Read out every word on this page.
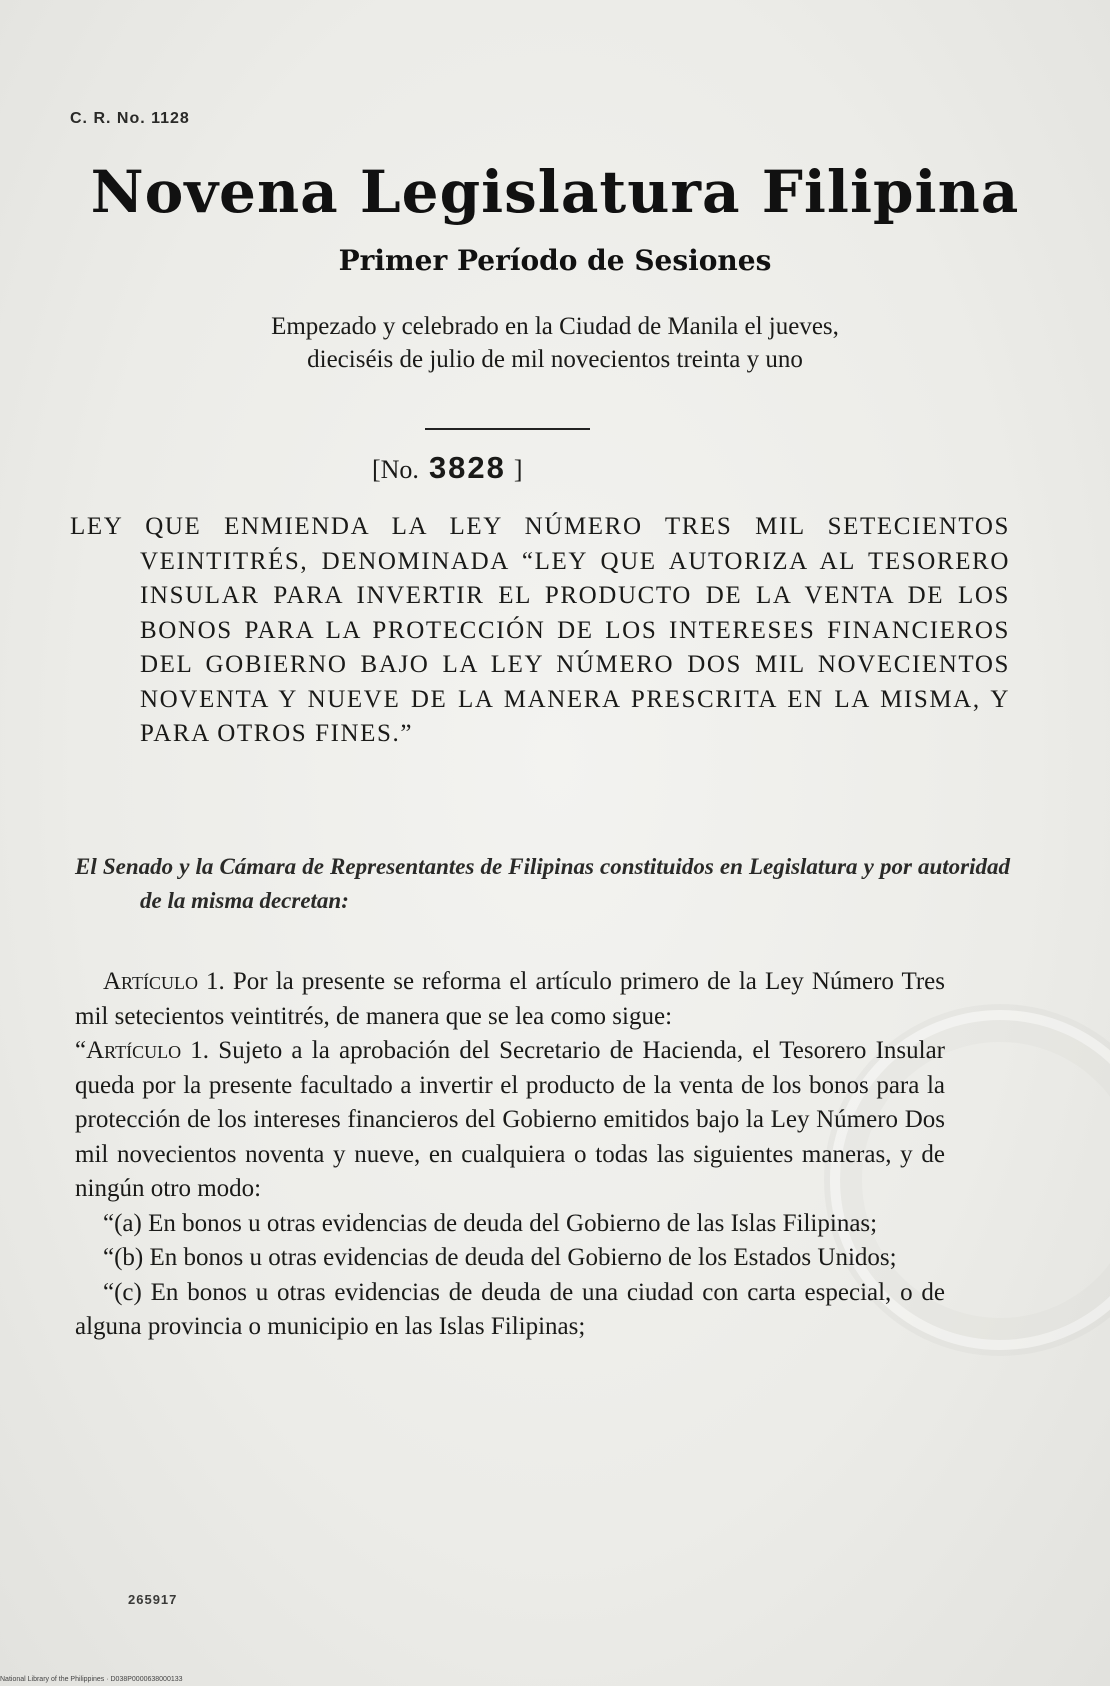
C. R. No. 1128
Novena Legislatura Filipina
Primer Período de Sesiones
Empezado y celebrado en la Ciudad de Manila el jueves,
dieciséis de julio de mil novecientos treinta y uno
[No. 3828 ]
LEY QUE ENMIENDA LA LEY NÚMERO TRES MIL SETECIENTOS VEINTITRÉS, DENOMINADA “LEY QUE AUTORIZA AL TESORERO INSULAR PARA INVERTIR EL PRODUCTO DE LA VENTA DE LOS BONOS PARA LA PROTECCIÓN DE LOS INTERESES FINANCIEROS DEL GOBIERNO BAJO LA LEY NÚMERO DOS MIL NOVECIENTOS NOVENTA Y NUEVE DE LA MANERA PRESCRITA EN LA MISMA, Y PARA OTROS FINES.”
El Senado y la Cámara de Representantes de Filipinas constituidos en Legislatura y por autoridad de la misma decretan:

Artículo 1. Por la presente se reforma el artículo primero de la Ley Número Tres mil setecientos veintitrés, de manera que se lea como sigue:

“Artículo 1. Sujeto a la aprobación del Secretario de Hacienda, el Tesorero Insular queda por la presente facultado a invertir el producto de la venta de los bonos para la protección de los intereses financieros del Gobierno emitidos bajo la Ley Número Dos mil novecientos noventa y nueve, en cualquiera o todas las siguientes maneras, y de ningún otro modo:

“(a) En bonos u otras evidencias de deuda del Gobierno de las Islas Filipinas;

“(b) En bonos u otras evidencias de deuda del Gobierno de los Estados Unidos;

“(c) En bonos u otras evidencias de deuda de una ciudad con carta especial, o de alguna provincia o municipio en las Islas Filipinas;

265917
National Library of the Philippines · D038P0000638000133
